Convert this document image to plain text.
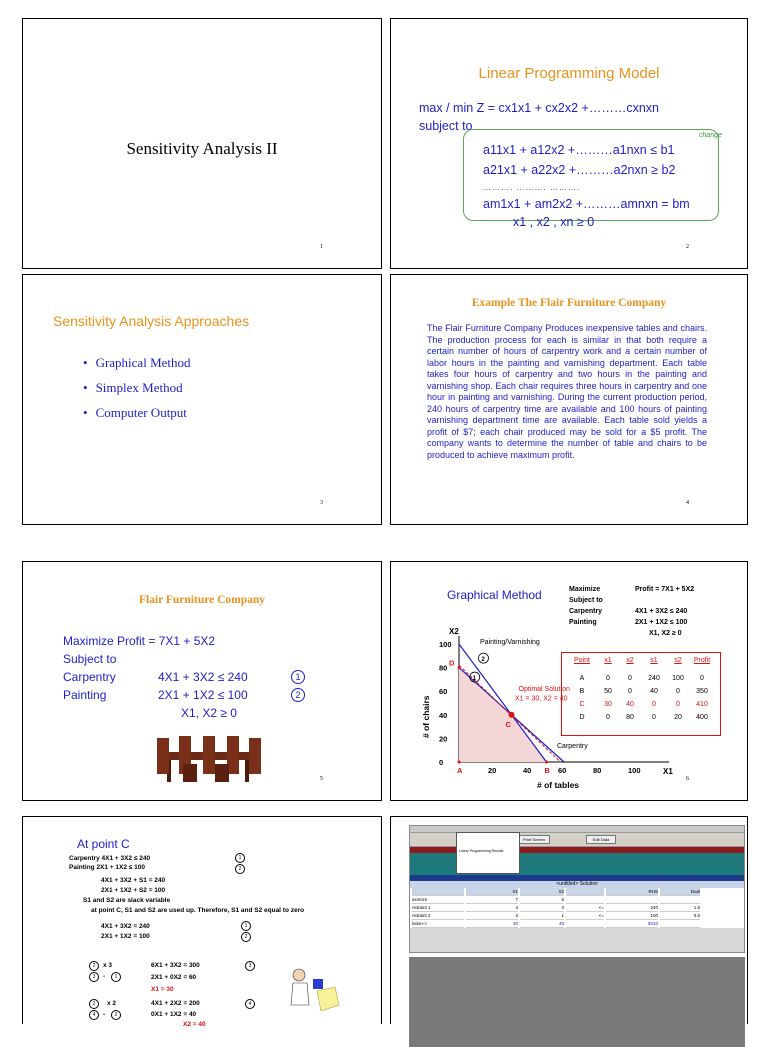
Sensitivity Analysis II
1
Linear Programming Model
max / min Z = cx1x1 + cx2x2 +………cxnxn
subject to
change
a11x1 + a12x2 +………a1nxn ≤ b1
a21x1 + a22x2 +………a2nxn ≥ b2
………. ………. ……….
am1x1 + am2x2 +………amnxn = bm
x1 , x2 , xn ≥ 0
2
Sensitivity Analysis Approaches
• Graphical Method
• Simplex Method
• Computer Output
3
Example The Flair Furniture Company
The Flair Furniture Company Produces inexpensive tables and chairs. The production process for each is similar in that both require a certain number of hours of carpentry work and a certain number of labor hours in the painting and varnishing department. Each table takes four hours of carpentry and two hours in the painting and varnishing shop. Each chair requires three hours in carpentry and one hour in painting and varnishing. During the current production period, 240 hours of carpentry time are available and 100 hours of painting varnishing department time are available. Each table sold yields a profit of $7; each chair produced may be sold for a $5 profit. The company wants to determine the number of table and chairs to be produced to achieve maximum profit.
4
Flair Furniture Company
Maximize Profit = 7X1 + 5X2
Subject to
Carpentry	4X1 + 3X2 ≤ 240	1
Painting	2X1 + 1X2 ≤ 100	2
X1, X2 ≥ 0
5
Graphical Method	Maximize	Profit = 7X1 + 5X2
Subject to
Carpentry	4X1 + 3X2 ≤ 240
Painting	2X1 + 1X2 ≤ 100
X1, X2 ≥ 0
20	40	60	80	100
0
20
40
60
80
100	Painting/Varnishing
Carpentry
A	B
C
D
Optimal Solution
X1 = 30, X2 = 40
1
2
X2
X1
# of tables
# of chairs
Point	x1	x2	s1	s2	Profit
A	0	0	240	100	0
B	50	0	40	0	350
C	30	40	0	0	410
D	0	80	0	20	400
6
At point C
Carpentry 4X1 + 3X2 ≤ 240	1
Painting 2X1 + 1X2 ≤ 100	2
4X1 + 3X2 + S1 = 240
2X1 + 1X2 + S2 = 100
S1 and S2 are slack variable
at point C, S1 and S2 are used up. Therefore, S1 and S2 equal to zero
4X1 + 3X2 = 240	1
2X1 + 1X2 = 100	2
2	x 3	6X1 + 3X2 = 300	3
3	-	1	2X1 + 0X2 = 60
X1 = 30
2	x 2	4X1 + 2X2 = 200	4
4	-	2	0X1 + 1X2 = 40
X2 = 40
Print Screen	Edit Data
Linear Programming Results
<untitled> Solution
X1	X2	RHS	Dual
aximize	7	5
nstraint 1	4	3	<=	240	1.5
nstraint 2	2	1	<=	100	0.5
lution->	30	40	$410
